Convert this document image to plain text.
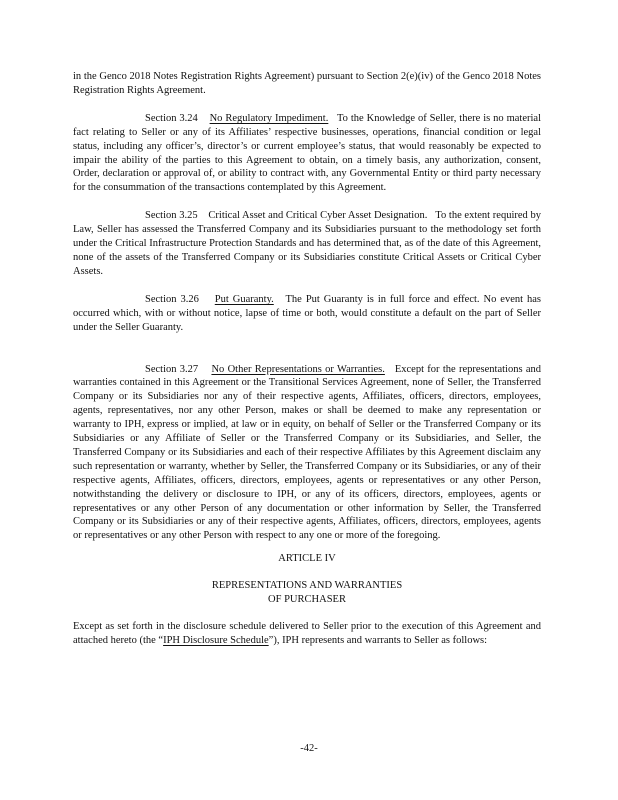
in the Genco 2018 Notes Registration Rights Agreement) pursuant to Section 2(e)(iv) of the Genco 2018 Notes Registration Rights Agreement.

Section 3.24 No Regulatory Impediment. To the Knowledge of Seller, there is no material fact relating to Seller or any of its Affiliates’ respective businesses, operations, financial condition or legal status, including any officer’s, director’s or current employee’s status, that would reasonably be expected to impair the ability of the parties to this Agreement to obtain, on a timely basis, any authorization, consent, Order, declaration or approval of, or ability to contract with, any Governmental Entity or third party necessary for the consummation of the transactions contemplated by this Agreement.

Section 3.25 Critical Asset and Critical Cyber Asset Designation. To the extent required by Law, Seller has assessed the Transferred Company and its Subsidiaries pursuant to the methodology set forth under the Critical Infrastructure Protection Standards and has determined that, as of the date of this Agreement, none of the assets of the Transferred Company or its Subsidiaries constitute Critical Assets or Critical Cyber Assets.

Section 3.26 Put Guaranty. The Put Guaranty is in full force and effect. No event has occurred which, with or without notice, lapse of time or both, would constitute a default on the part of Seller under the Seller Guaranty.

Section 3.27 No Other Representations or Warranties. Except for the representations and warranties contained in this Agreement or the Transitional Services Agreement, none of Seller, the Transferred Company or its Subsidiaries nor any of their respective agents, Affiliates, officers, directors, employees, agents, representatives, nor any other Person, makes or shall be deemed to make any representation or warranty to IPH, express or implied, at law or in equity, on behalf of Seller or the Transferred Company or its Subsidiaries or any Affiliate of Seller or the Transferred Company or its Subsidiaries, and Seller, the Transferred Company or its Subsidiaries and each of their respective Affiliates by this Agreement disclaim any such representation or warranty, whether by Seller, the Transferred Company or its Subsidiaries, or any of their respective agents, Affiliates, officers, directors, employees, agents or representatives or any other Person, notwithstanding the delivery or disclosure to IPH, or any of its officers, directors, employees, agents or representatives or any other Person of any documentation or other information by Seller, the Transferred Company or its Subsidiaries or any of their respective agents, Affiliates, officers, directors, employees, agents or representatives or any other Person with respect to any one or more of the foregoing.

ARTICLE IV

REPRESENTATIONS AND WARRANTIES
OF PURCHASER

Except as set forth in the disclosure schedule delivered to Seller prior to the execution of this Agreement and attached hereto (the “IPH Disclosure Schedule”), IPH represents and warrants to Seller as follows:

-42-
